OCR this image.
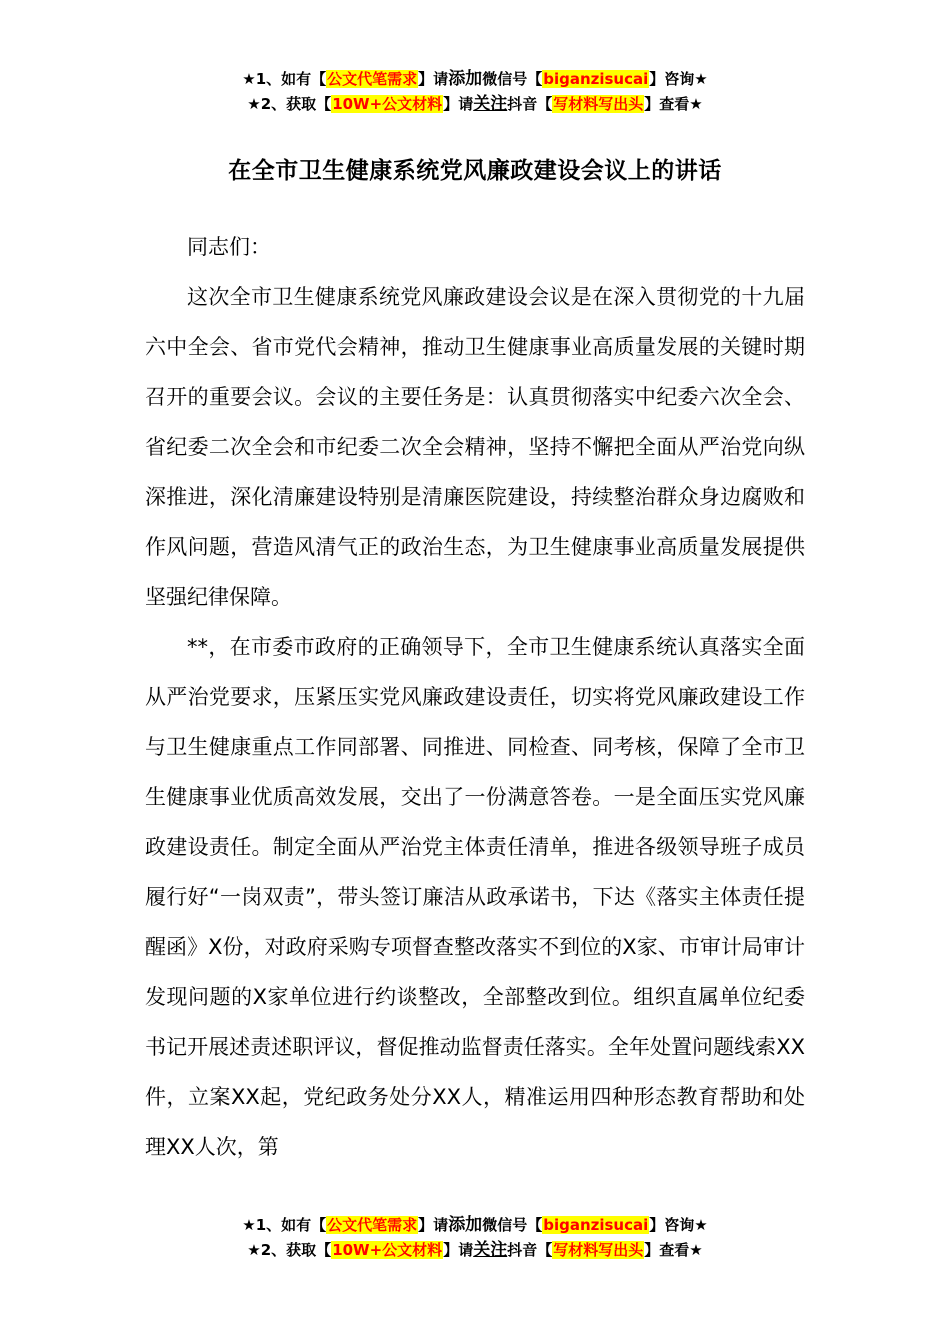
★1、如有【公文代笔需求】请添加微信号【biganzisucai】咨询★
★2、获取【10W+公文材料】请关注抖音【写材料写出头】查看★
在全市卫生健康系统党风廉政建设会议上的讲话

同志们：

这次全市卫生健康系统党风廉政建设会议是在深入贯彻党的十九届六中全会、省市党代会精神，推动卫生健康事业高质量发展的关键时期召开的重要会议。会议的主要任务是：认真贯彻落实中纪委六次全会、省纪委二次全会和市纪委二次全会精神，坚持不懈把全面从严治党向纵深推进，深化清廉建设特别是清廉医院建设，持续整治群众身边腐败和作风问题，营造风清气正的政治生态，为卫生健康事业高质量发展提供坚强纪律保障。

**，在市委市政府的正确领导下，全市卫生健康系统认真落实全面从严治党要求，压紧压实党风廉政建设责任，切实将党风廉政建设工作与卫生健康重点工作同部署、同推进、同检查、同考核，保障了全市卫生健康事业优质高效发展，交出了一份满意答卷。一是全面压实党风廉政建设责任。制定全面从严治党主体责任清单，推进各级领导班子成员履行好“一岗双责”，带头签订廉洁从政承诺书，下达《落实主体责任提醒函》X份，对政府采购专项督查整改落实不到位的X家、市审计局审计发现问题的X家单位进行约谈整改，全部整改到位。组织直属单位纪委书记开展述责述职评议，督促推动监督责任落实。全年处置问题线索XX件，立案XX起，党纪政务处分XX人，精准运用四种形态教育帮助和处理XX人次，第

★1、如有【公文代笔需求】请添加微信号【biganzisucai】咨询★
★2、获取【10W+公文材料】请关注抖音【写材料写出头】查看★
